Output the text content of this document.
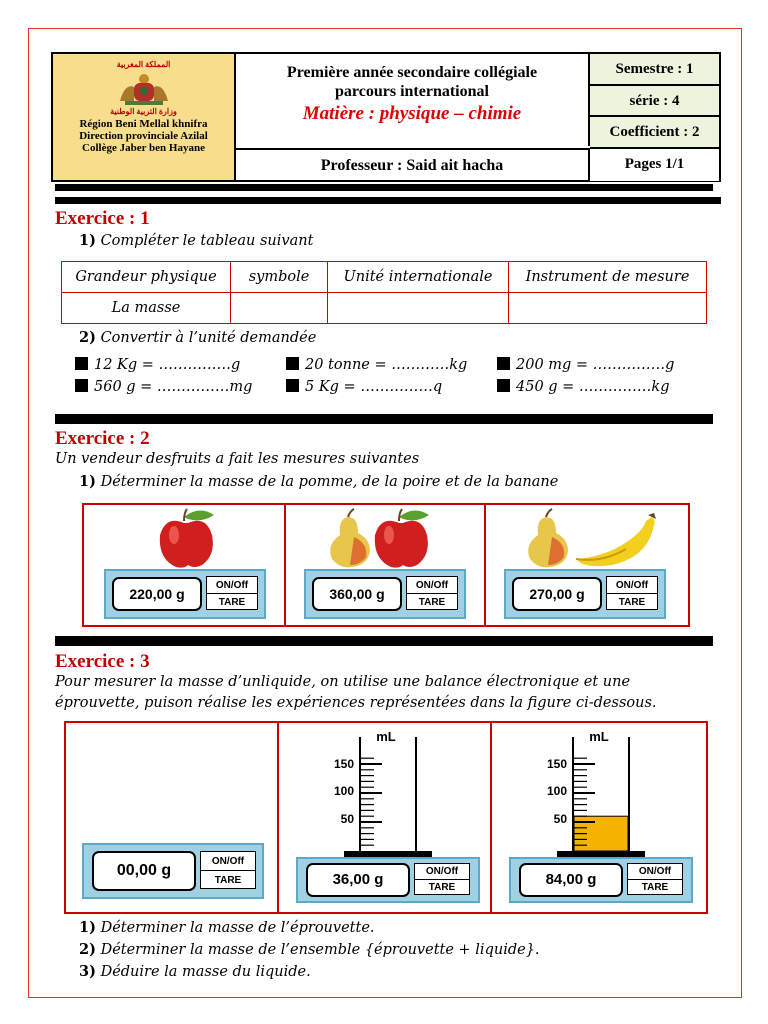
المملكة المغربية
وزارة التربية الوطنية
Région Beni Mellal khnifra
Direction provinciale Azilal
Collège Jaber ben Hayane
Première année secondaire collégiale
parcours international
Matière : physique – chimie
Professeur : Said ait hacha
Semestre : 1
série : 4
Coefficient : 2
Pages 1/1
Exercice : 1
1) Compléter le tableau suivant
Grandeur physique	symbole	Unité internationale	Instrument de mesure
La masse			
2) Convertir à l’unité demandée
12 Kg = ……………g	20 tonne = …………kg	200 mg = ……………g
560 g = ……………mg	5 Kg = ……………q	450 g = ……………kg
Exercice : 2
Un vendeur desfruits a fait les mesures suivantes
1) Déterminer la masse de la pomme, de la poire et de la banane
220,00 g
ON/Off
TARE	360,00 g
ON/Off
TARE	270,00 g
ON/Off
TARE
Exercice : 3
Pour mesurer la masse d’unliquide, on utilise une balance électronique et une
éprouvette, puison réalise les expériences représentées dans la figure ci-dessous.
00,00 g
ON/Off
TARE
mL
150
100
50
36,00 g	ON/Off
TARE
mL
150
100
50
84,00 g	ON/Off
TARE
1) Déterminer la masse de l’éprouvette.
2) Déterminer la masse de l’ensemble {éprouvette + liquide}.
3) Déduire la masse du liquide.
